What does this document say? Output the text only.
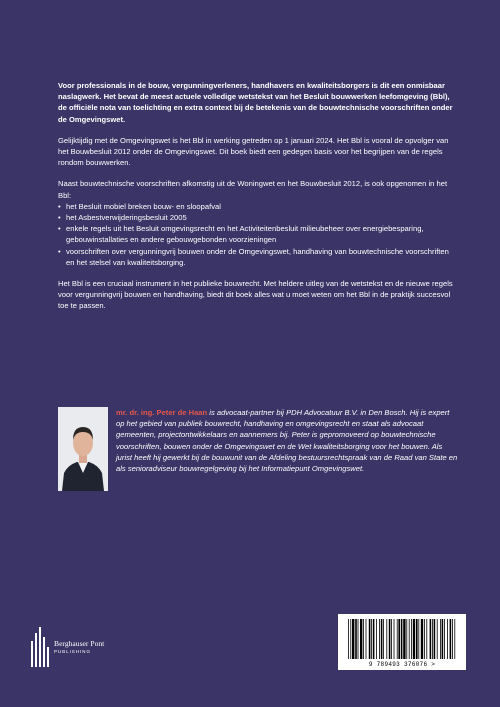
Voor professionals in de bouw, vergunningverleners, handhavers en kwaliteitsborgers is dit een onmisbaar naslagwerk. Het bevat de meest actuele volledige wetstekst van het Besluit bouwwerken leefomgeving (Bbl), de officiële nota van toelichting en extra context bij de betekenis van de bouwtechnische voorschriften onder de Omgevingswet.

Gelijktijdig met de Omgevingswet is het Bbl in werking getreden op 1 januari 2024. Het Bbl is vooral de opvolger van het Bouwbesluit 2012 onder de Omgevingswet. Dit boek biedt een gedegen basis voor het begrijpen van de regels rondom bouwwerken.

Naast bouwtechnische voorschriften afkomstig uit de Woningwet en het Bouwbesluit 2012, is ook opgenomen in het Bbl:

• het Besluit mobiel breken bouw- en sloopafval
• het Asbestverwijderingsbesluit 2005
• enkele regels uit het Besluit omgevingsrecht en het Activiteitenbesluit milieubeheer over energiebesparing, gebouwinstallaties en andere gebouwgebonden voorzieningen
• voorschriften over vergunningvrij bouwen onder de Omgevingswet, handhaving van bouwtechnische voorschriften en het stelsel van kwaliteitsborging.

Het Bbl is een cruciaal instrument in het publieke bouwrecht. Met heldere uitleg van de wetstekst en de nieuwe regels voor vergunningvrij bouwen en handhaving, biedt dit boek alles wat u moet weten om het Bbl in de praktijk succesvol toe te passen.

mr. dr. ing. Peter de Haan is advocaat-partner bij PDH Advocatuur B.V. in Den Bosch. Hij is expert op het gebied van publiek bouwrecht, handhaving en omgevingsrecht en staat als advocaat gemeenten, projectontwikkelaars en aannemers bij. Peter is gepromoveerd op bouwtechnische voorschriften, bouwen onder de Omgevingswet en de Wet kwaliteitsborging voor het bouwen. Als jurist heeft hij gewerkt bij de bouwunit van de Afdeling bestuursrechtspraak van de Raad van State en als senioradviseur bouwregelgeving bij het Informatiepunt Omgevingswet.

Berghauser Pont
PUBLISHING
9 789493 376076 >
